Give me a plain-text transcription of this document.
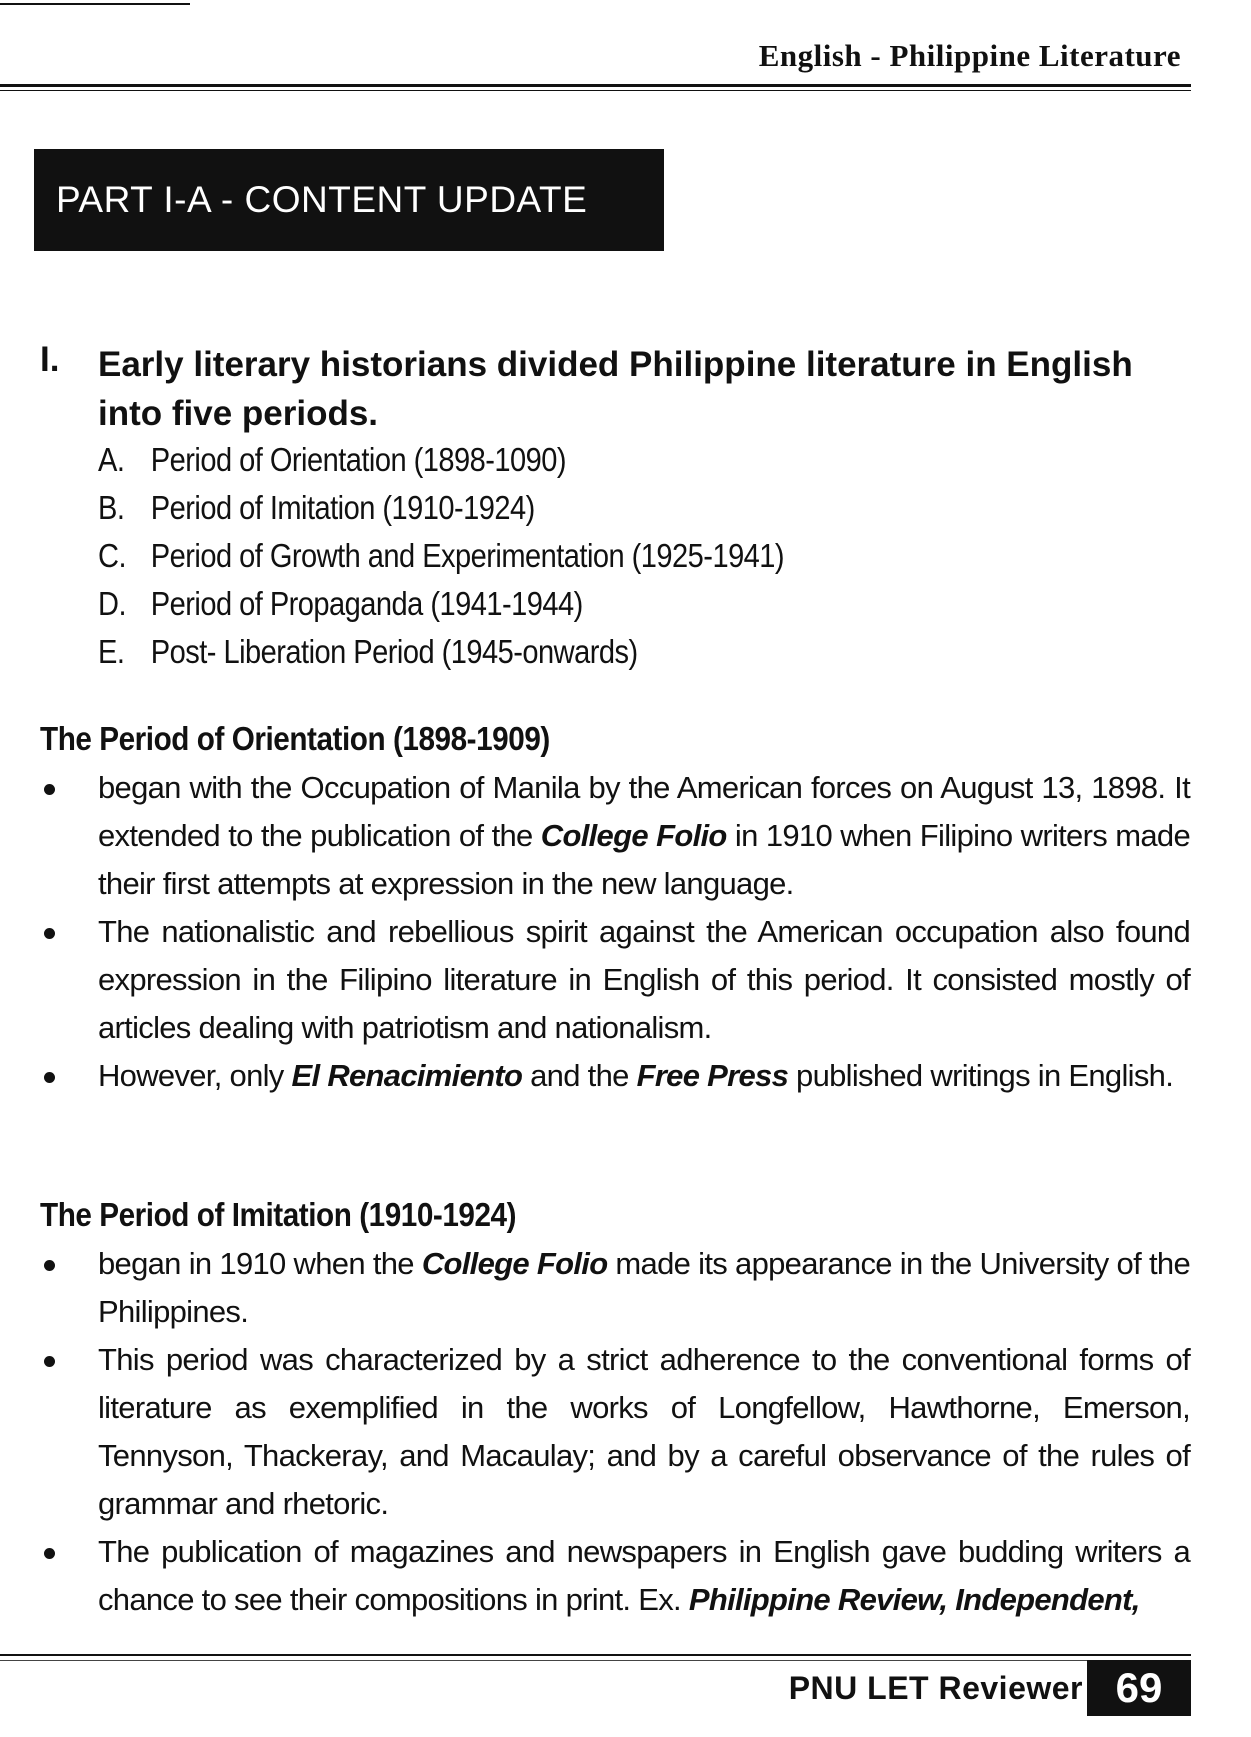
English - Philippine Literature
PART I-A - CONTENT UPDATE
I. Early literary historians divided Philippine literature in English into five periods.
A. Period of Orientation (1898-1090)
B. Period of Imitation (1910-1924)
C. Period of Growth and Experimentation (1925-1941)
D. Period of Propaganda (1941-1944)
E. Post- Liberation Period (1945-onwards)
The Period of Orientation (1898-1909)
began with the Occupation of Manila by the American forces on August 13, 1898. It extended to the publication of the College Folio in 1910 when Filipino writers made their first attempts at expression in the new language.
The nationalistic and rebellious spirit against the American occupation also found expression in the Filipino literature in English of this period. It consisted mostly of articles dealing with patriotism and nationalism.
However, only El Renacimiento and the Free Press published writings in English.
The Period of Imitation (1910-1924)
began in 1910 when the College Folio made its appearance in the University of the Philippines.
This period was characterized by a strict adherence to the conventional forms of literature as exemplified in the works of Longfellow, Hawthorne, Emerson, Tennyson, Thackeray, and Macaulay; and by a careful observance of the rules of grammar and rhetoric.
The publication of magazines and newspapers in English gave budding writers a chance to see their compositions in print. Ex. Philippine Review, Independent,
PNU LET Reviewer 69
